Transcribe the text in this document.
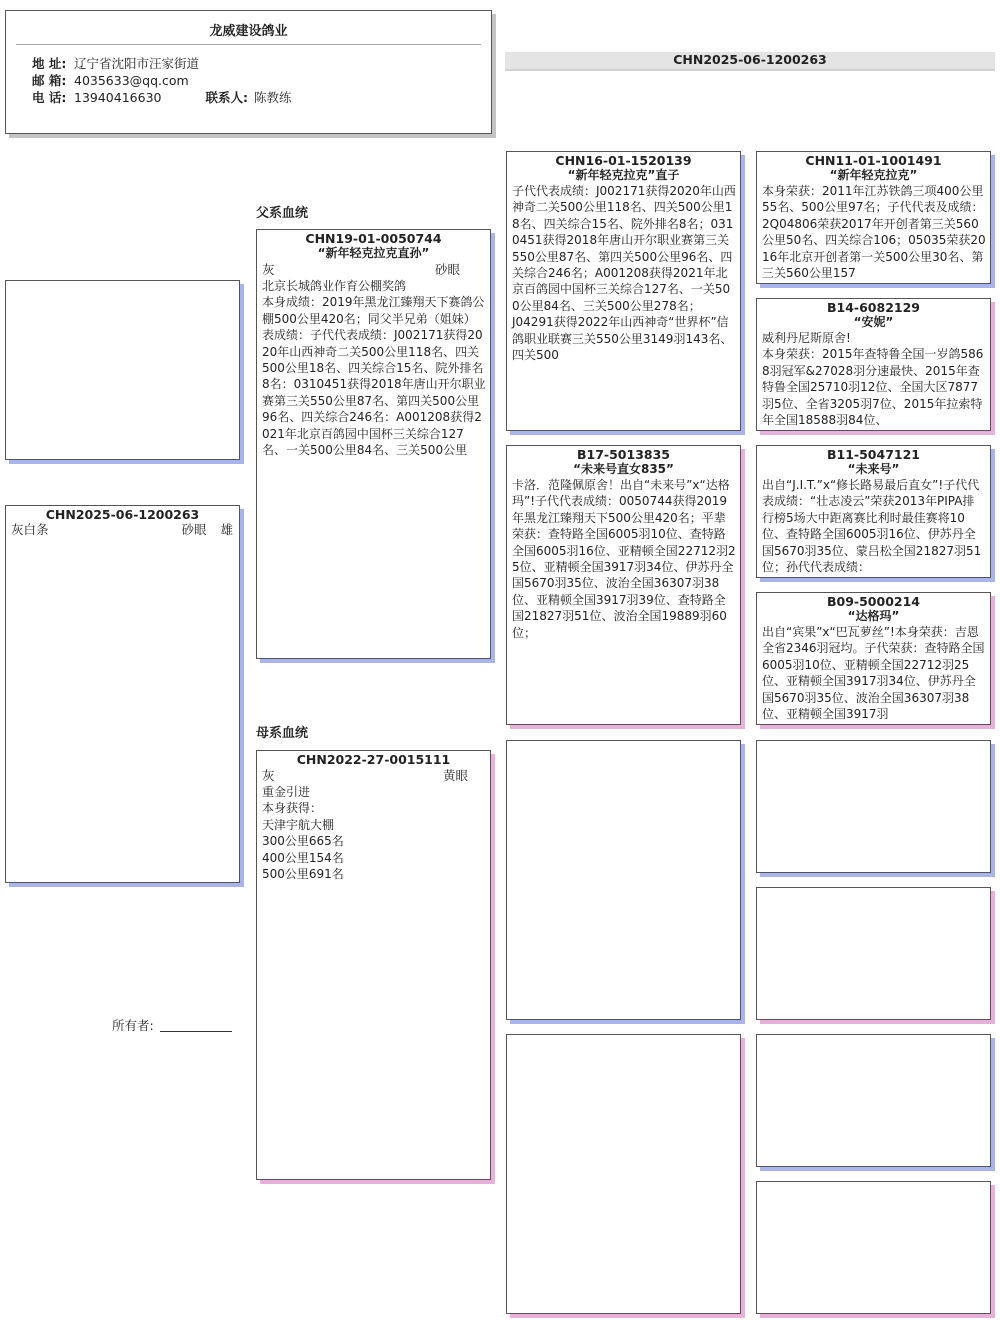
龙威建设鸽业
地 址: 辽宁省沈阳市汪家街道
邮 箱: 4035633@qq.com
电 话: 13940416630	联系人: 陈教练
CHN2025-06-1200263
父系血统
母系血统
CHN2025-06-1200263
灰白条	砂眼 雄
所有者:
CHN19-01-0050744
“新年轻克拉克直孙”
灰	砂眼
北京长城鸽业作育公棚奖鸽
本身成绩：2019年黑龙江臻翔天下赛鸽公棚500公里420名；同父半兄弟（姐妹）表成绩：子代代表成绩：J002171获得2020年山西神奇二关500公里118名、四关500公里18名、四关综合15名、院外排名8名：0310451获得2018年唐山开尔职业赛第三关550公里87名、第四关500公里96名、四关综合246名：A001208获得2021年北京百鸽园中国杯三关综合127名、一关500公里84名、三关500公里
CHN2022-27-0015111
灰	黄眼
重金引进
本身获得：
天津宇航大棚
300公里665名
400公里154名
500公里691名
CHN16-01-1520139
“新年轻克拉克”直子
子代代表成绩：J002171获得2020年山西神奇二关500公里118名、四关500公里18名、四关综合15名、院外排名8名；0310451获得2018年唐山开尔职业赛第三关550公里87名、第四关500公里96名、四关综合246名；A001208获得2021年北京百鸽园中国杯三关综合127名、一关500公里84名、三关500公里278名；
J04291获得2022年山西神奇“世界杯”信鸽职业联赛三关550公里3149羽143名、四关500
B17-5013835
“未来号直女835”
卡洛．范隆佩原舍！出自“未来号”x“达格玛”!子代代表成绩：0050744获得2019年黑龙江臻翔天下500公里420名；平辈荣获：查特路全国6005羽10位、查特路全国6005羽16位、亚精顿全国22712羽25位、亚精顿全国3917羽34位、伊苏丹全国5670羽35位、波治全国36307羽38位、亚精顿全国3917羽39位、查特路全国21827羽51位、波治全国19889羽60位；
CHN11-01-1001491
“新年轻克拉克”
本身荣获：2011年江苏铁鸽三项400公里55名、500公里97名；子代代表及成绩：2Q04806荣获2017年开创者第三关560公里50名、四关综合106；05035荣获2016年北京开创者第一关500公里30名、第三关560公里157
B14-6082129
“安妮”
威利丹尼斯原舍!
本身荣获：2015年查特鲁全国一岁鸽5868羽冠军&27028羽分速最快、2015年查特鲁全国25710羽12位、全国大区7877羽5位、全省3205羽7位、2015年拉索特年全国18588羽84位、
B11-5047121
“未来号”
出自“J.I.T.”x“修长路易最后直女”!子代代表成绩：“壮志凌云”荣获2013年PIPA排行榜5场大中距离赛比利时最佳赛将10位、查特路全国6005羽16位、伊苏丹全国5670羽35位、蒙吕松全国21827羽51位；孙代代表成绩：
B09-5000214
“达格玛”
出自“宾果”x“巴瓦萝丝”!本身荣获：吉恩全省2346羽冠均。子代荣获：查特路全国6005羽10位、亚精顿全国22712羽25位、亚精顿全国3917羽34位、伊苏丹全国5670羽35位、波治全国36307羽38位、亚精顿全国3917羽
